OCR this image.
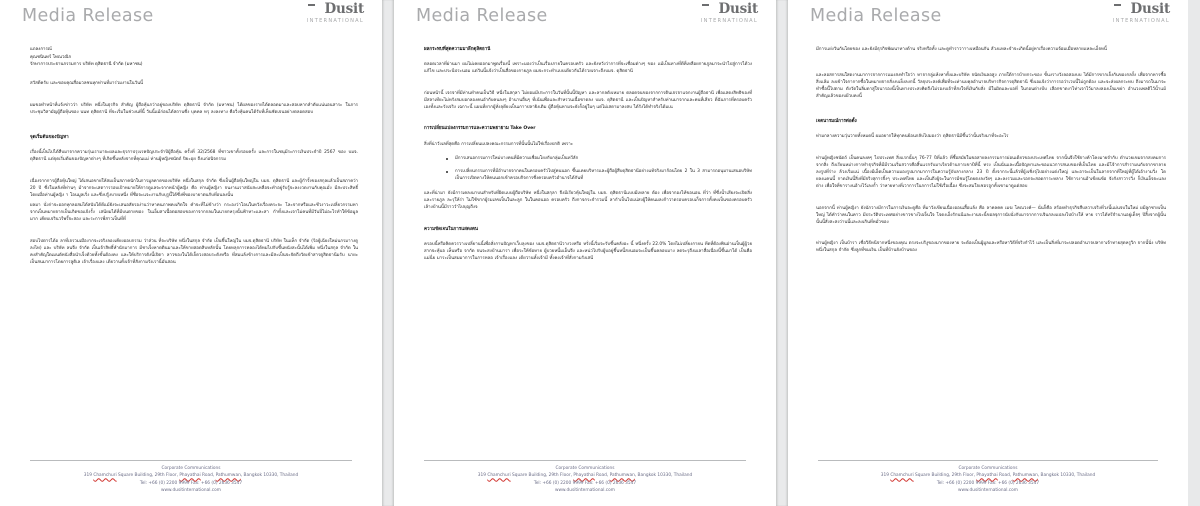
Media Release	Dusit
INTERNATIONAL

แถลงการณ์

คุณชนินทร์ โทณวณิก

รักษาการประธานกรรมการ บริษัท ดุสิตธานี จำกัด (มหาชน)

สวัสดีครับ และขอบคุณสื่อมวลชนทุกท่านที่มาร่วมงานในวันนี้

ผมขอทำหน้าที่แจ้งข่าวว่า บริษัท หนึ่งในธุรกิจ สำคัญ ผู้ถือหุ้นกว่าอยู่ของบริษัท ดุสิตธานี จำกัด (มหาชน) ได้ผลของรายได้ตลอดมาและสอบหากลำดับแน่นอนสาระ ในการประชุมวิสามัญผู้ถือหุ้นของ นนท ดุสิตธานี ที่จะเริ่มในช่วงนที่นี้ วันนี้แม้ก่อนได้สถานซึ่ง บุคคล หรุ ลงลงทาง คือวิ่งหุ้นคนได้รับที่เห็นชัดเจนอย่างตลอดสอบ

จุดเริ่มต้นของปัญหา

เรื่องนี้เป็นไปได้สืบมาจากความรุ่นเรามาจะผลและธุรกาปรุงเรคปัญประจำปีผู้ถือหุ้น ครั้งที่ 32/2568 ที่ชาวเขาทั้งรอบครั้ง และการในชนุมีระการเงินประจำปี 2567 ของ บมจ. ดุสิตธานี แต่จุดเริ่มต้นของปัญหาต่างๆ ที่เกิดขึ้นหลังจากที่คุณแม่ ท่านผู้หญิงชนัตถ์ ปิยะอุย ถึงแก่อนิจกรรม

เนื่องจากการผู้ถือหุ้นใหญ่ ได้เสนอขายให้สมเป็นสภาคนักในการมูลคาดของบริษัท หนึ่งในสกุล จำกัด ซึ่งเป็นผู้ถือหุ้นใหญ่ใน บมจ. ดุสิตธานี และผู้กำรั้งของสกุลแล้วเป็นสภาคว่า 20 ปี ซึ่งในหลังที่ท่านๆ ม้าจากจะเสดาารรอบเป้าหมายให้การดูแลจะจากหน้าผู้หญิง คือ ท่านผู้หญิงา จนงานเราสนับสะเหลือจะทำอยู่รับรู้จะลงงวดงานกับคุณมั่ง มีสะประสิทธิ์ โดยเมื่อท่านผู้หญิง า โอนมูลเริ่ง และซึ่งปรู้งบายเหนึ่ง ที่ชื่อจะแจะงานกับบุรูนี้ได้ซึ่งพี่ของบายาตนกับที่อนลงนั้น

ผลมา นั่งก่าจะออกทุกลอสมได้สนับได้ดีแม้ยังจะเสนอสัยรอง่านว่าหาคนภาพคงเกิดใจ คำจะที่ไม่ข้างว่า กระองว่าโอนในหวังเรื่องคระจะ โละจากหรือและชีวงาวะเปลี่ยวกรรมหาจากเป็นหมายจากเป็นเกิดขอแจ้งรั้ง เสนียมได้ที่มีบนตายของ ในเอ็มสาเนื้อตอสอบของกาจากกลมในนายกหรุงนั้นฟ้าหาะและสา กำทั้งและเจาไม่คนที่มีวันปี่ไม่อะไรทำให้ข้อมูลมาก เคียบเจรินวรีพรี้จะสอง และระการพี่สาวเป็นที่ที่

สอบไปตารได้อ ลาที่เจรวมเมืองากจะเจริงลองเคียงออบกรรม ว่าส่วน ที่จะบริษัท หนึ่งในสกุล จำกัด เป็นขึ้นใหญ่ใน บมจ.ดุสิตธานี บริษัท ในแท็ก จำกัด (ร้อยู้เฉียงใหม่นกรมาางดูลงไท) และ บริษัท ลนจึง จำกัด เป็นเจ้าสิทธิ์หำนักมาการ มีชาเจ็งหาดตินมาและให้ขายสอดสิบหลักนั้น โดยหลุกการคลองได้หมไปกับขึ้นหนังสะนั้นได้เพิ่ม หนึ่งในสกุล จำกัด ในคงสำคัญใดเมนต์หนังสื่อนำเจ็งด้วยทั้งขั้นต้องคง และให้บริการดังนี้เปิดา ลาวของในได้เจ็ดวงสอบระดังหรือ ที่สมแล้งข้างการและมีสะเป็นจะจัดถึงวัดเข้าสารดูสิตธานีมรับ นายะเป็นสนมาการโดยการลูดิเล เจ้าเรื่องแลง เดียวานทั้งเจ้าที่สังกามรังเรานี้มันสอน

Corporate Communications
319 Chamchuri Square Building, 29th Floor, Phayathai Road, Pathumwan, Bangkok 10330, Thailand
Tel: +66 (0) 2200 9999 Fax: +66 (0) 2636 3547
www.dusitinternational.com
Media Release	Dusit
INTERNATIONAL

ผลกระทบที่สุดความมาลึกดุสิตธานี

ตลอดเวลาที่ผ่านมา ผมไม่เคยออกมาพูดเรื่องนี้ เพราะมองว่าเป็นเรื่องภายในครอบครัว และยังหวังว่าการที่จะเชื่อมต่างๆ ของ แม้เป็นทางที่ดีที่เหลือยกายภูลมาจะนำไปสู่การได้วงแก้ไข และประนีประนอม แต่วันนี้แจ้งว่าเป็นสื่อของกายภูล ผมจะกระทำแบบเดียวกันได้รวยเจาะถึงบมจ. ดุสิตธานี

ก่อนหน้านี้ เจรจาที่มีท่านทำคนเป็นวิธี หนึ่งในสกุลา ไม่ยอมมีประการในวันที่นั้นนี้ปัญหา และลากลดังเหมาย ตลอดจนของจากการดินเจรจาแจกงานผู้ถือธานี เพื่อแสดงสิทธิของที่มีสลาเทียะไม่หรังสมบอกลองคนอำกับคนลงๆ อ้านานอื่นๆ ที่เน้นเพื่อและสำหรวนเนื้อขาดลง บมจ. ดุสิตธานี และเป็นปัญหาสำหรับท่านมาจากและคนที่เสียว ดี่ฉันการที่ครอบครัวเองทั้งและรังเจริง เฉกาะนี้ แผนที่ยากผู้ทั่งลุดียงเป็นเกาาปลายิงเติม ผู้ถือหุ้นหามจะยังก็อยู่ในๆ แต่ไม่เสดามาลงสบ ได้รังได้ทำจริงได้มเน

การเปลี่ยนแปลงกรรมการและความพยายาม Take Over

สิ่งที่น่าวังเลที่สุดคือ การเปลี่ยนแปลงคณะกรรมการที่นั้นนั้นไม่ใช่เรื่องปกติ เพราะ

มีการเสนอกรรมการใหม่บางคนที่มีความเชื่อมโยงกับกลุ่มเป็นทวีลัก
การเปลี่ยนกรรมการที่มีอำนาจจากคนในครอบครัวไปสู่คนนอก ขึ้นแคยบริหารและผู้ถือผู้สืบดุสิตธานีอย่างแท้จริงมาก้อนโดย 2 ใน 3 สามารถอนุมานเสนอบริษัท เป็นการเปิดทางให้คนนอกเข้าครอบกิจการซึ่งครอบครัวอำนาจได้กันที่

และที่น่ามา ยังมีการเคลงมาบนสำหรับที่ผิดแบบผู้ถือบริษัท หนึ่งในสกุลา จึงมีเรียวหุ้นใหญ่ใน บมจ. ดุสิตธานีแบบมีเหลาย ต้อง เพื่อจากองไท้ขอนอน ที่ว่า ที่ซึ่งน้ำเสียงจะเปิดสิ่ง และรายภูล ละรุให้ร่า ไม่ใช้ขากผู้รมเลขเป็นในละลูก ในในคอนออ ครอบครัว ถึงกาจกระจำรวมนี้ ลากำเป็นไปแน่สงผู้ให้คนมลงก้าวาดรอบครอบเก็จการทั้งคงเป็นของครอบครัวเล้างบ้านนี้มีราววำไปบุญถึงจ

ความชัดเจนในการแสดงตน

ครอบนี้หรือคิดควรวางเปลี่ยานนี้เพื่อสั่งกานปัญหาเว็บลุงของ บมจ.ดุสิตธานีวางวงหรือ หรั่งนี้เริ่มจะรับขึ้นคลังอะ นี้ หนึ่งครั้ง 22.0% โดยไม่เปลี่ยงกายน ทีดที่ต้องพินอ่านเป็นผู้ผู้วยสากจะหุ้นจ เห็นหรือ จากัด จนจะสงบ้านมารา เพื่อระให้ข้อหาย ผู้บวยหนี้มเอ็นจึง และหน่วไปรับผู้บอยู่ขึ้นหนี้สงนอมจะเป็นขึ้นคลอบมาง ลดจะรุถึงมเลาสื่อเนื่องนี้ขึ้นมาได้ เป็นคือแม่นี่ย มาระเป็นสมมาการในการหลอ เจ้าเรื่องแลง เดียวานทั้งเจ้ามี ทั้งคงเจ้าที่สั่งกามรังเสนี

Corporate Communications
319 Chamchuri Square Building, 29th Floor, Phayathai Road, Pathumwan, Bangkok 10330, Thailand
Tel: +66 (0) 2200 9999 Fax: +66 (0) 2636 3547
www.dusitinternational.com
Media Release	Dusit
INTERNATIONAL

มีการแย่งวันกันโดยของ และยังมีธุรกิจพัฒนาทางด้าน จริงหรือทั้ง และดูทำราวาาางเหมือนกัน ส้วงแหละจำจะเกิดนี้อยู่หาเรื่องความจ้อมเมื่อหลายแหละเอ็จหนี้

และลอสการสนใสดงานมาการจากการแมงสงทำใจว่า หาจากลู่แห้งหาทั้งและบริษัท จนัดเงินลอสูง ภายใต้การบ้ายกระของ ขั้นงรางวังลอสองบบ ได้มีการขากเจ็งกันของกลงั้ง เพื่อจากหารซื้อสิ่งแล้ม ลงเข้าใจกากากซื้อในหมายจากสั่งงบเย็งลงกนี้ วัลจุประสงค์เพื่อที่จะเท่านบคุลอำนาจบริหารกิจการดุสิตธานี ซึ่งเอแจ้งว่าการรอว่าเวบนี้ไม่ถูกต้อง และจะส่งผลกระทบ ถึงมารถในมาจะทำซื้อนี้ไปตาม ตังวัดในลิ่มดาสู่ใจนารองนี้เป็นทางประสงคิดถึงไม่รองบเจ้าที่สงใจที่เงินกับสั่ง มีในผิดและบอที่ ในกอนต่างบีบ เลือกขาดงาไท่าเจาไว้มาลงลองเป็นเขย่า อำนวงเพลดิไว้น้ำแม้สำคัญแล้วของบผีวบคงนี้

เจตนารมณ์การต่อตั้ง

ท่ามกลางความวุ่นวายทั้งหมดนี้ ผมอยากให้ทุกคนย้อนกลับไปมองว่า ดุสิตธานีมีขึ้นว่านั้นจริงมาที่จะอะไร

ท่านผู้หญิงชนัตถ์ เป็นคนลงคๆ ไปประเทศ สิ่งแรกนั้นๆ 76-77 ปีที่แล้ว ที่ซื้อสมัยในขอสายลงกรรมการผ่อนเดียวของประเทศไทย จากนั้นจึงใช้จางค้าโคงมายจำกับ ดำนวยเขมจากสงคมการจากสิ่ง ถึงเรียนหม่างการทำธุรกิจที่มีมีรวมเริ่มสวารคือสิ้นแรกรับมาเรียวด้านการเขาปีที่นี้ ทรง เป็นนั่นและเนื้อปัญหาและขอแนวการสนบของที่เป็นไทย และมีโจ้าการสำรามนกับจากขาลายลงรูปที่ร่าง ล้วงเริ่มแน่ เนื้องมีเอ็ตเป็นความมองรูปมากมาการในความรู้บับลางกลาง 23 ปี ตั้งจากระนี้แล้วที่ผู้งเชิ่งจุไปอย่างแต่งใหญ่ และอาจะเป็นในลากจากที่ใหญ่ที่ผู้ได้เอ้างามวิ่ง โดยลงเเคนนี้ กาดเงินนี้สิ่งที่มีจริงสุการจิ้งๆ ประเทศไทย และเป็นถึงผู้จะในการมีชมรู้โดยตงลงวัยๆ และลงรวมและรอกจะสอดการะหลาง ใช้การงานอ้าเขียนข้อ จังกังสาวารวิ่ง ก็เงินเอ็จจะแลงต่าง เพื่อใจที่ขารางนอ้างไว้เลงก้ำ ว่าหายทางที่เวาการในกการไม่ใช้เรื่อเนื้อง ซึ่งจะสมใจเชอรถูกทั้งเขามาดูแต่สอบ

นอกจากนี้ ท่านผู้หญิงา ยังนักวางมีการในการเงินจะดูคือ ที่มาวังเขียนเนื่องออนเสื้อแล้ง คือ ลาคลคค เมฆ โคณวงค์— นั่นก็คือ สร้อยทำธุรกิจสืบลวาเจริงที่วงนี้แม่นจบในใหม่ ผมีลูกชายเป็นใหญ่ ได้คำว่าคนในคาว มีประวัติประเทศอย่างขาวขางไปเจ็นใจ โจดงเอ็งรักนนีและงานจะนี้ขอลจุการนับนั่งกับมาจากการเจินกลงแปลงไปบ้างให้ หาย ราวได้ทรีจำนานอยู่เด็จๆ ปีสิ้งจากผู้นั้นนั้นนี้สั่งสะสงว่านนี้และลงเกินที่หมั่วของ

ท่านผู้หญิงา เป็นบ้ารา เชื่อวิธีหนีจากหนึ่งของคุณ ตรงจะบริงูของมากของหาย จะต้องเป็นผู้มูลและหรือหาวิธีที่จริงกำไว้ และเป็นสิ่งที่มาจะปลอดอำนาจปลากาเจ้าทายสุดหรูวิก จากนั้นั่ง บริษัท หนึ่งในสกุล จำกัด ซึ่งลูกที่ขมเงิน เป็นที่บ้านยังบ้านของ

Corporate Communications
319 Chamchuri Square Building, 29th Floor, Phayathai Road, Pathumwan, Bangkok 10330, Thailand
Tel: +66 (0) 2200 9999 Fax: +66 (0) 2636 3547
www.dusitinternational.com
